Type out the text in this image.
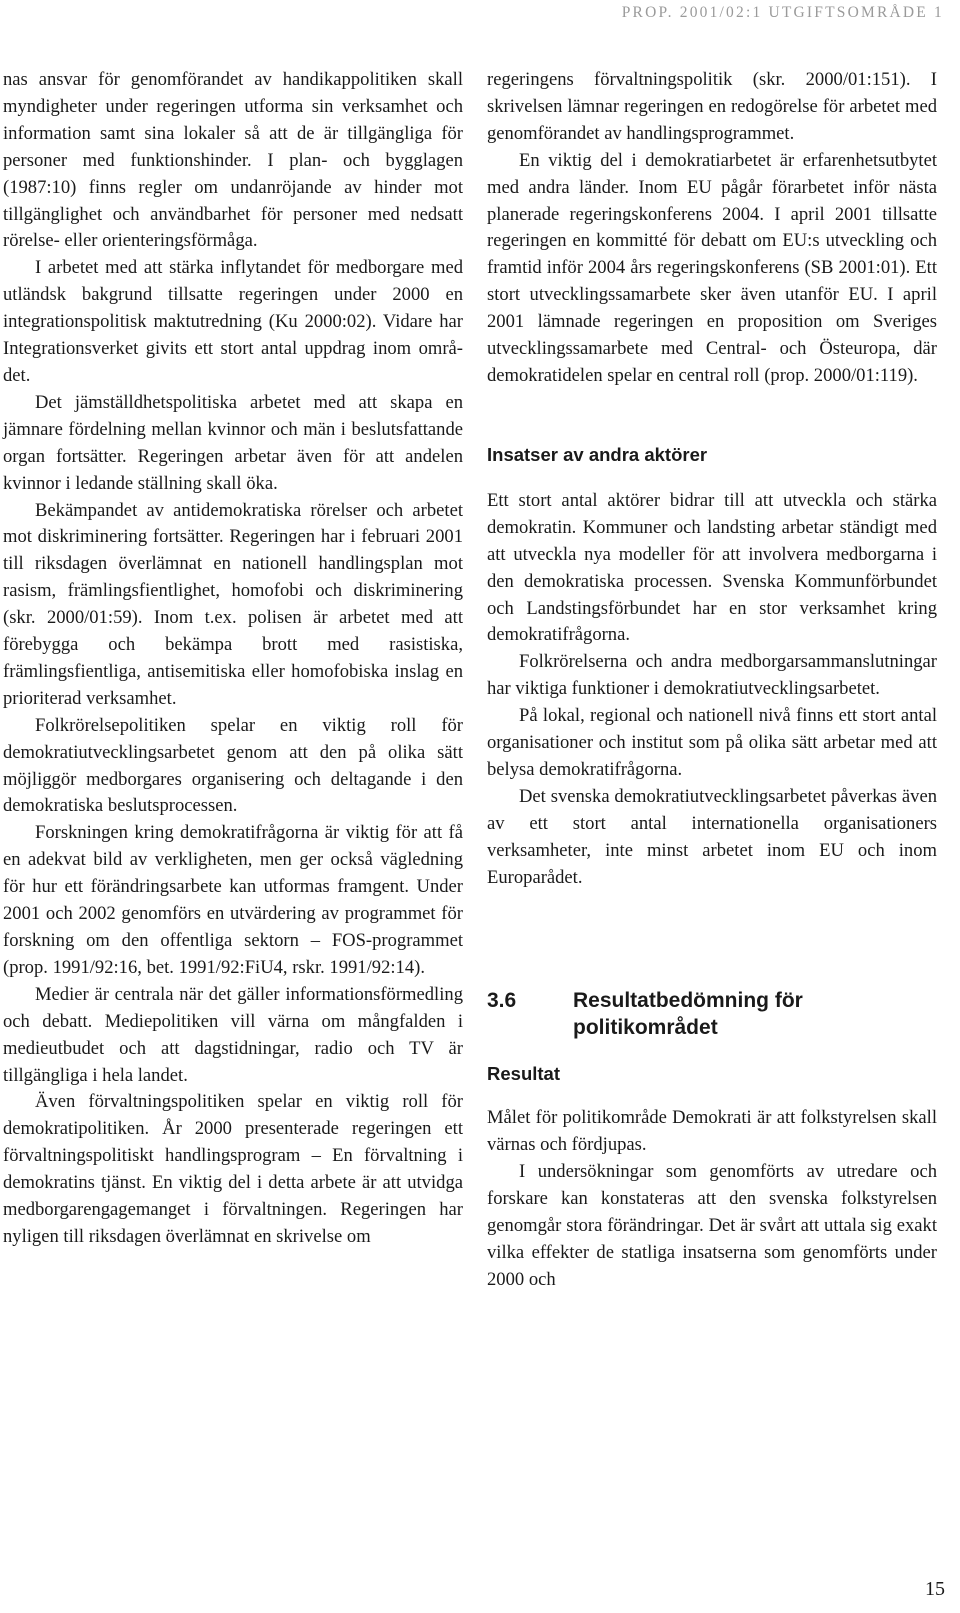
PROP. 2001/02:1 UTGIFTSOMRÅDE 1

nas ansvar för genomförandet av handikappolitiken skall myndigheter under regeringen utforma sin verksamhet och information samt sina lokaler så att de är tillgängliga för personer med funktionshinder. I plan- och bygglagen (1987:10) finns regler om undanröjande av hinder mot tillgänglighet och användbarhet för personer med nedsatt rörelse- eller orienteringsförmåga.

I arbetet med att stärka inflytandet för medborgare med utländsk bakgrund tillsatte regeringen under 2000 en integrationspolitisk maktutredning (Ku 2000:02). Vidare har Integrationsverket givits ett stort antal uppdrag inom området.

Det jämställdhetspolitiska arbetet med att skapa en jämnare fördelning mellan kvinnor och män i beslutsfattande organ fortsätter. Regeringen arbetar även för att andelen kvinnor i ledande ställning skall öka.

Bekämpandet av antidemokratiska rörelser och arbetet mot diskriminering fortsätter. Regeringen har i februari 2001 till riksdagen överlämnat en nationell handlingsplan mot rasism, främlingsfientlighet, homofobi och diskriminering (skr. 2000/01:59). Inom t.ex. polisen är arbetet med att förebygga och bekämpa brott med rasistiska, främlingsfientliga, antisemitiska eller homofobiska inslag en prioriterad verksamhet.

Folkrörelsepolitiken spelar en viktig roll för demokratiutvecklingsarbetet genom att den på olika sätt möjliggör medborgares organisering och deltagande i den demokratiska beslutsprocessen.

Forskningen kring demokratifrågorna är viktig för att få en adekvat bild av verkligheten, men ger också vägledning för hur ett förändringsarbete kan utformas framgent. Under 2001 och 2002 genomförs en utvärdering av programmet för forskning om den offentliga sektorn – FOS-programmet (prop. 1991/92:16, bet. 1991/92:FiU4, rskr. 1991/92:14).

Medier är centrala när det gäller informationsförmedling och debatt. Mediepolitiken vill värna om mångfalden i medieutbudet och att dagstidningar, radio och TV är tillgängliga i hela landet.

Även förvaltningspolitiken spelar en viktig roll för demokratipolitiken. År 2000 presenterade regeringen ett förvaltningspolitiskt handlingsprogram – En förvaltning i demokratins tjänst. En viktig del i detta arbete är att utvidga medborgarengagemanget i förvaltningen. Regeringen har nyligen till riksdagen överlämnat en skrivelse om

regeringens förvaltningspolitik (skr. 2000/01:151). I skrivelsen lämnar regeringen en redogörelse för arbetet med genomförandet av handlingsprogrammet.

En viktig del i demokratiarbetet är erfarenhetsutbytet med andra länder. Inom EU pågår förarbetet inför nästa planerade regeringskonferens 2004. I april 2001 tillsatte regeringen en kommitté för debatt om EU:s utveckling och framtid inför 2004 års regeringskonferens (SB 2001:01). Ett stort utvecklingssamarbete sker även utanför EU. I april 2001 lämnade regeringen en proposition om Sveriges utvecklingssamarbete med Central- och Östeuropa, där demokratidelen spelar en central roll (prop. 2000/01:119).

Insatser av andra aktörer

Ett stort antal aktörer bidrar till att utveckla och stärka demokratin. Kommuner och landsting arbetar ständigt med att utveckla nya modeller för att involvera medborgarna i den demokratiska processen. Svenska Kommunförbundet och Landstingsförbundet har en stor verksamhet kring demokratifrågorna.

Folkrörelserna och andra medborgarsammanslutningar har viktiga funktioner i demokratiutvecklingsarbetet.

På lokal, regional och nationell nivå finns ett stort antal organisationer och institut som på olika sätt arbetar med att belysa demokratifrågorna.

Det svenska demokratiutvecklingsarbetet påverkas även av ett stort antal internationella organisationers verksamheter, inte minst arbetet inom EU och inom Europarådet.

3.6	Resultatbedömning för politikområdet
Resultat

Målet för politikområde Demokrati är att folkstyrelsen skall värnas och fördjupas.

I undersökningar som genomförts av utredare och forskare kan konstateras att den svenska folkstyrelsen genomgår stora förändringar. Det är svårt att uttala sig exakt vilka effekter de statliga insatserna som genomförts under 2000 och

15
